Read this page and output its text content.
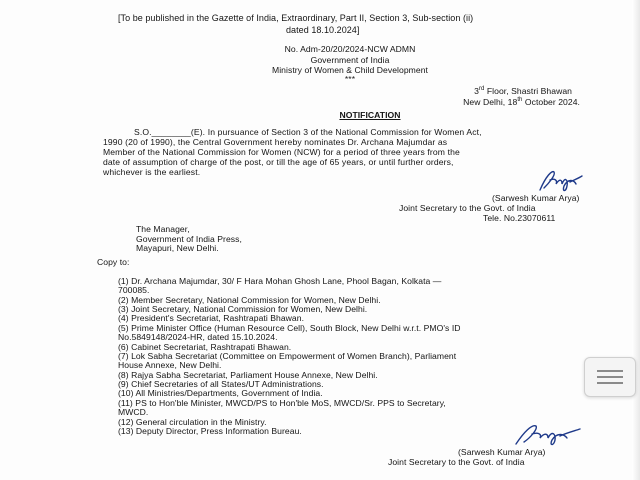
[To be published in the Gazette of India, Extraordinary, Part II, Section 3, Sub-section (ii)
dated 18.10.2024]
No. Adm-20/20/2024-NCW ADMN
Government of India
Ministry of Women & Child Development
***
3rd Floor, Shastri Bhawan
New Delhi, 18th October 2024.
NOTIFICATION
S.O.________(E). In pursuance of Section 3 of the National Commission for Women Act,
1990 (20 of 1990), the Central Government hereby nominates Dr. Archana Majumdar as
Member of the National Commission for Women (NCW) for a period of three years from the
date of assumption of charge of the post, or till the age of 65 years, or until further orders,
whichever is the earliest.
(Sarwesh Kumar Arya)
Joint Secretary to the Govt. of India
Tele. No.23070611
The Manager,
Government of India Press,
Mayapuri, New Delhi.
Copy to:
(1) Dr. Archana Majumdar, 30/ F Hara Mohan Ghosh Lane, Phool Bagan, Kolkata —
700085.
(2) Member Secretary, National Commission for Women, New Delhi.
(3) Joint Secretary, National Commission for Women, New Delhi.
(4) President's Secretariat, Rashtrapati Bhawan.
(5) Prime Minister Office (Human Resource Cell), South Block, New Delhi w.r.t. PMO's ID
No.5849148/2024-HR, dated 15.10.2024.
(6) Cabinet Secretariat, Rashtrapati Bhawan.
(7) Lok Sabha Secretariat (Committee on Empowerment of Women Branch), Parliament
House Annexe, New Delhi.
(8) Rajya Sabha Secretariat, Parliament House Annexe, New Delhi.
(9) Chief Secretaries of all States/UT Administrations.
(10) All Ministries/Departments, Government of India.
(11) PS to Hon'ble Minister, MWCD/PS to Hon'ble MoS, MWCD/Sr. PPS to Secretary,
MWCD.
(12) General circulation in the Ministry.
(13) Deputy Director, Press Information Bureau.
(Sarwesh Kumar Arya)
Joint Secretary to the Govt. of India
